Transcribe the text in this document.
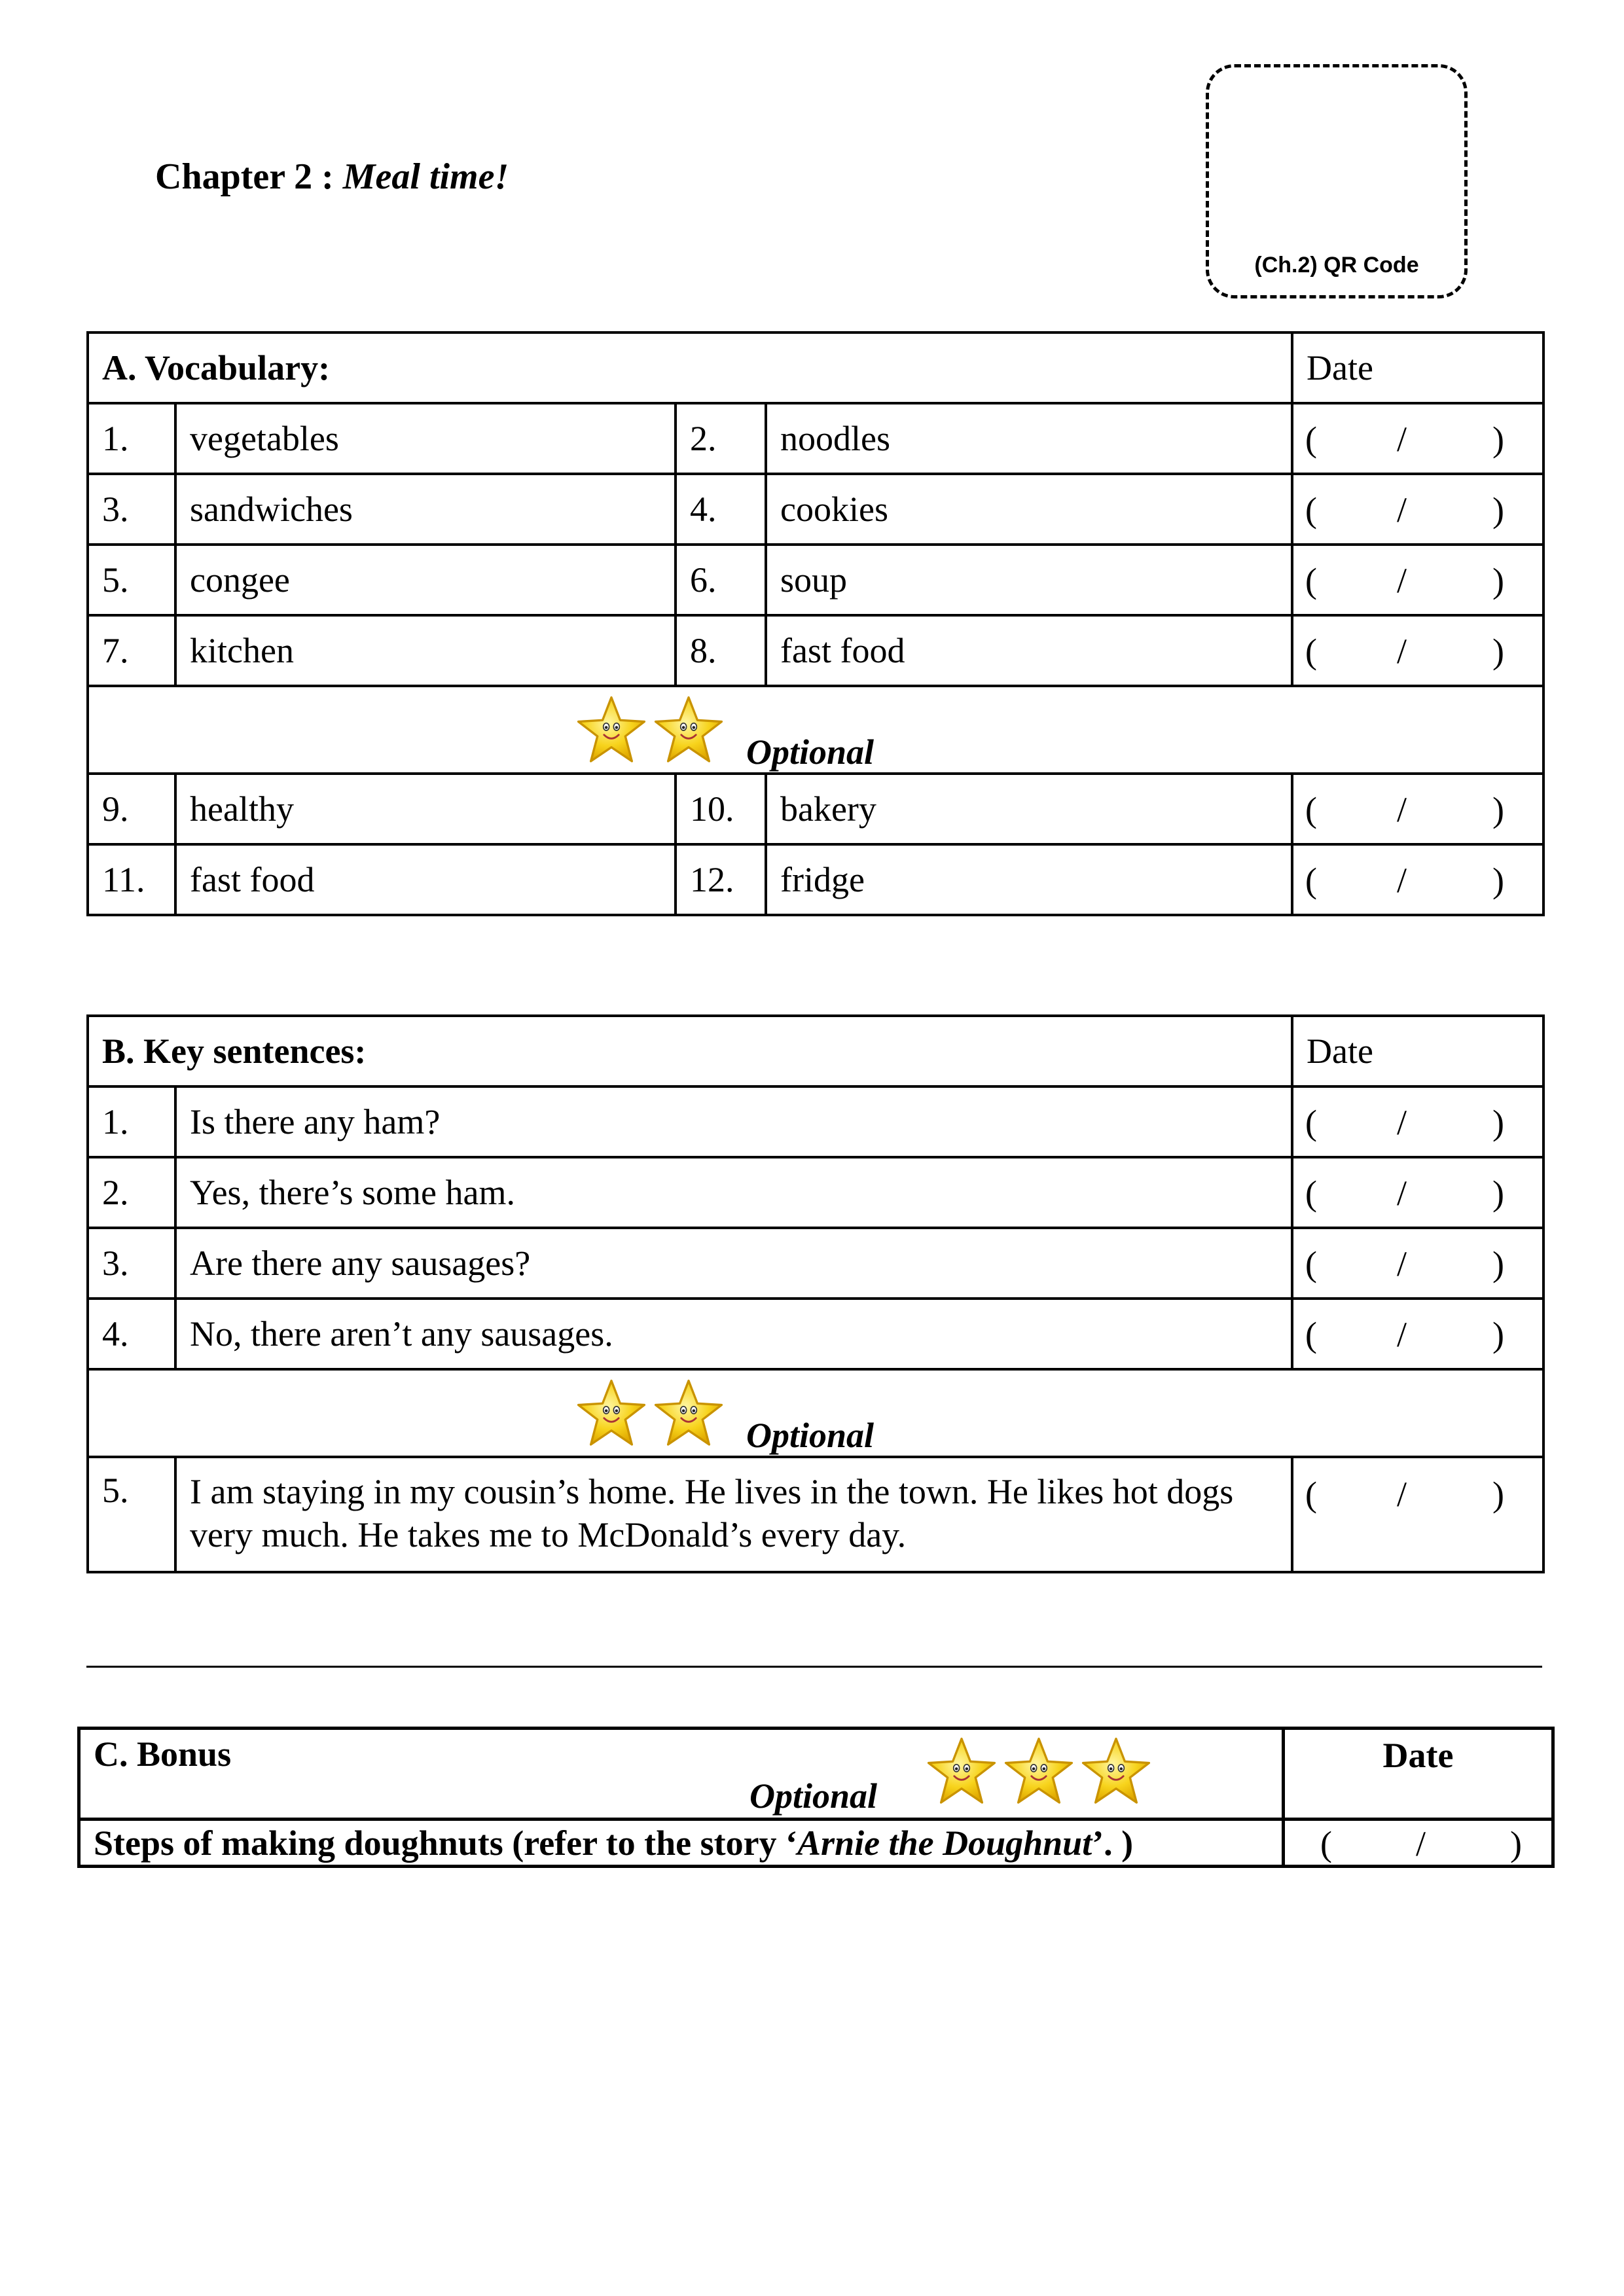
Chapter 2 : Meal time!
(Ch.2) QR Code
A. Vocabulary:				Date
1.	vegetables	2.	noodles	( / )

3.	sandwiches	4.	cookies	( / )

5.	congee	6.	soup	( / )

7.	kitchen	8.	fast food	( / )

Optional				

9.	healthy	10.	bakery	( / )

11.	fast food	12.	fridge	( / )
B. Key sentences:		Date
1.	Is there any ham?	( / )

2.	Yes, there’s some ham.	( / )

3.	Are there any sausages?	( / )

4.	No, there aren’t any sausages.	( / )

Optional		

5.	I am staying in my cousin’s home. He lives in the town. He likes hot dogs very much. He takes me to McDonald’s every day.	( / )
C. Bonus
Optional	Date
Steps of making doughnuts (refer to the story ‘Arnie the Doughnut’. )	( / )
